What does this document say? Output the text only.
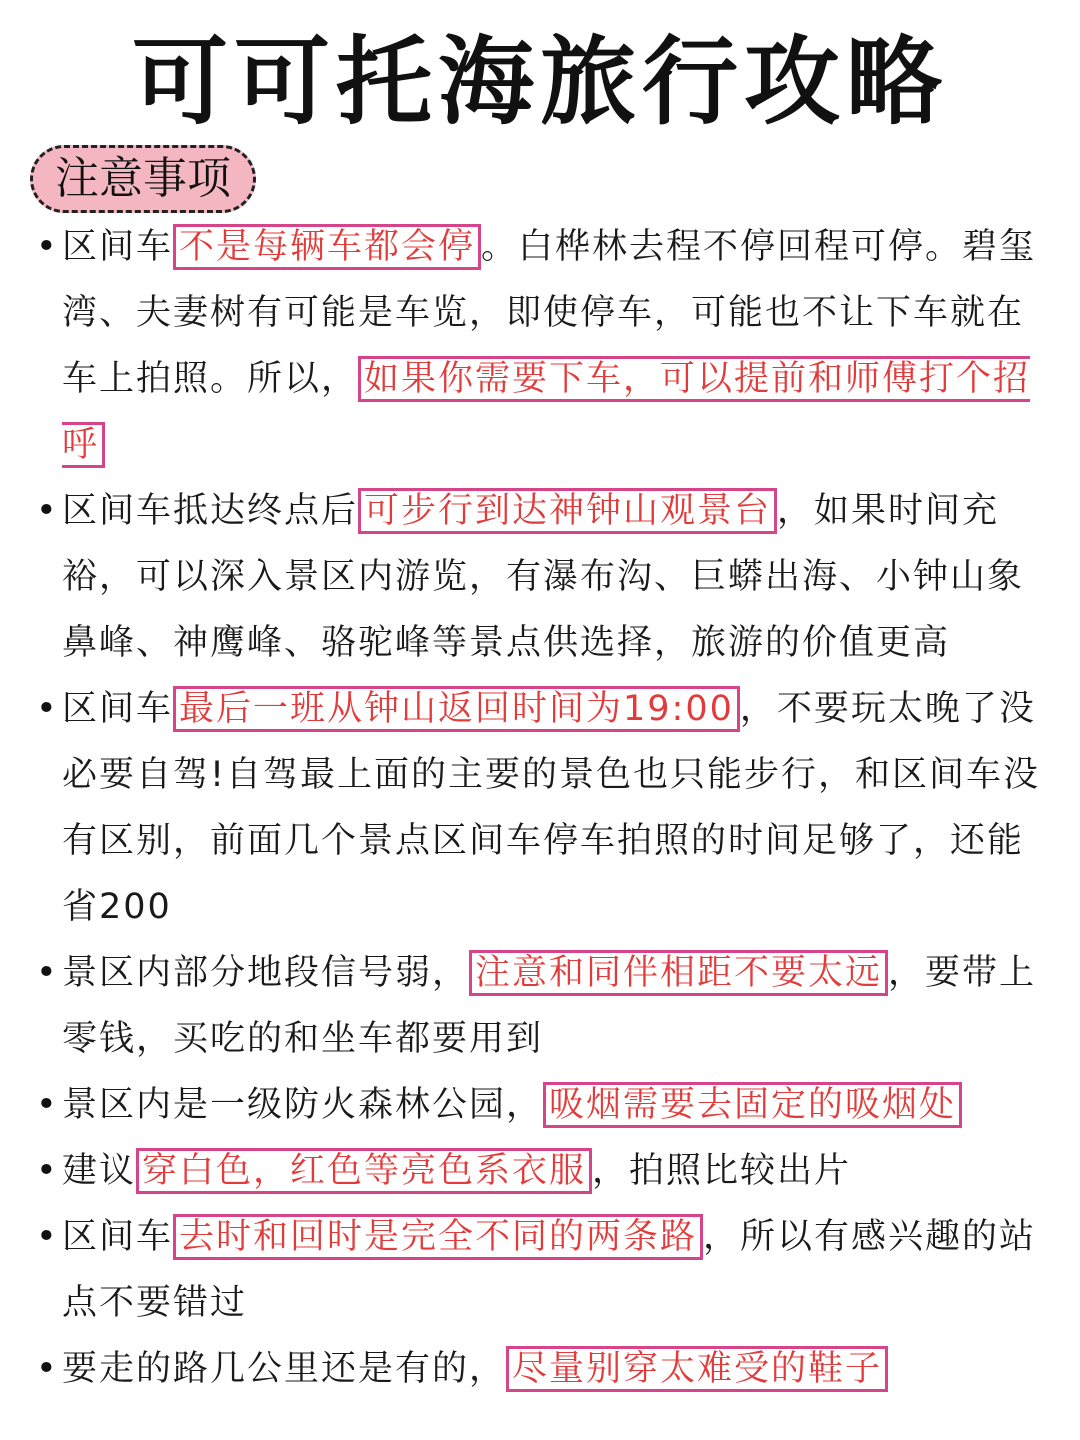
可可托海旅行攻略
注意事项
• 区间车 不是每辆车都会停 。白桦林去程不停回程可停。碧玺湾、夫妻树有可能是车览，即使停车，可能也不让下车就在车上拍照。所以， 如果你需要下车，可以提前和师傅打个招呼
• 区间车抵达终点后 可步行到达神钟山观景台 ，如果时间充裕，可以深入景区内游览，有瀑布沟、巨蟒出海、小钟山象鼻峰、神鹰峰、骆驼峰等景点供选择，旅游的价值更高
• 区间车 最后一班从钟山返回时间为19:00 ，不要玩太晚了没必要自驾!自驾最上面的主要的景色也只能步行，和区间车没有区别，前面几个景点区间车停车拍照的时间足够了，还能省200
• 景区内部分地段信号弱， 注意和同伴相距不要太远 ，要带上零钱，买吃的和坐车都要用到
• 景区内是一级防火森林公园， 吸烟需要去固定的吸烟处
• 建议 穿白色，红色等亮色系衣服 ，拍照比较出片
• 区间车 去时和回时是完全不同的两条路 ，所以有感兴趣的站点不要错过
• 要走的路几公里还是有的， 尽量别穿太难受的鞋子
